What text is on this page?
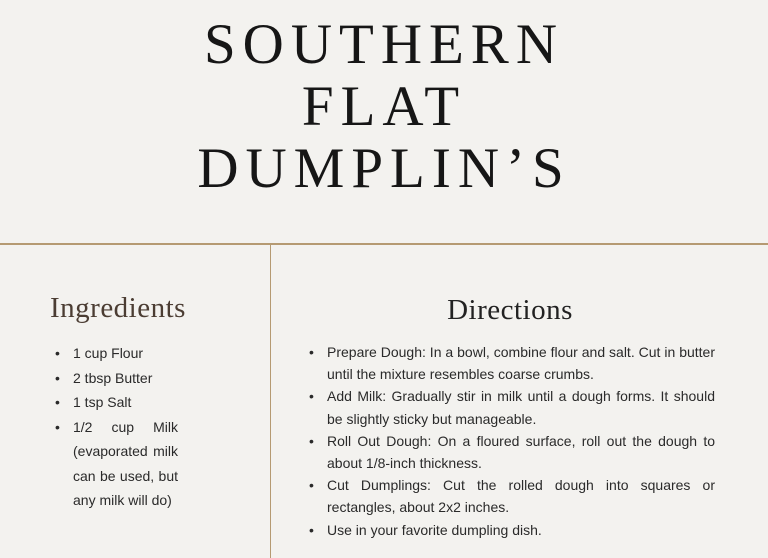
SOUTHERN
FLAT
DUMPLIN’S
Ingredients
• 1 cup Flour
• 2 tbsp Butter
• 1 tsp Salt
• 1/2 cup Milk (evaporated milk can be used, but any milk will do)
Directions
• Prepare Dough: In a bowl, combine flour and salt. Cut in butter until the mixture resembles coarse crumbs.
• Add Milk: Gradually stir in milk until a dough forms. It should be slightly sticky but manageable.
• Roll Out Dough: On a floured surface, roll out the dough to about 1/8-inch thickness.
• Cut Dumplings: Cut the rolled dough into squares or rectangles, about 2x2 inches.
• Use in your favorite dumpling dish.
